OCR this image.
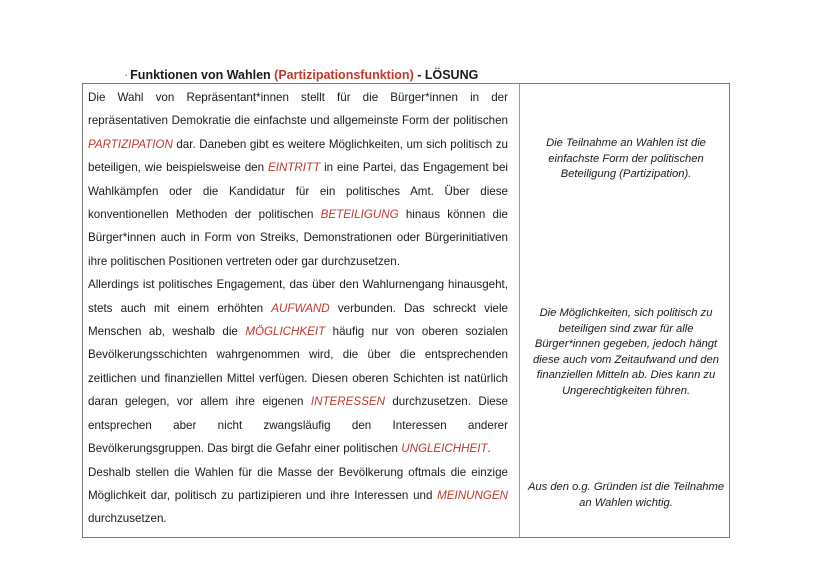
· Funktionen von Wahlen (Partizipationsfunktion) - LÖSUNG

Die Wahl von Repräsentant*innen stellt für die Bürger*innen in der repräsentativen Demokratie die einfachste und allgemeinste Form der politischen PARTIZIPATION dar. Daneben gibt es weitere Möglichkeiten, um sich politisch zu beteiligen, wie beispielsweise den EINTRITT in eine Partei, das Engagement bei Wahlkämpfen oder die Kandidatur für ein politisches Amt. Über diese konventionellen Methoden der politischen BETEILIGUNG hinaus können die Bürger*innen auch in Form von Streiks, Demonstrationen oder Bürgerinitiativen ihre politischen Positionen vertreten oder gar durchzusetzen.

Allerdings ist politisches Engagement, das über den Wahlurnengang hinausgeht, stets auch mit einem erhöhten AUFWAND verbunden. Das schreckt viele Menschen ab, weshalb die MÖGLICHKEIT häufig nur von oberen sozialen Bevölkerungsschichten wahrgenommen wird, die über die entsprechenden zeitlichen und finanziellen Mittel verfügen. Diesen oberen Schichten ist natürlich daran gelegen, vor allem ihre eigenen INTERESSEN durchzusetzen. Diese entsprechen aber nicht zwangsläufig den Interessen anderer Bevölkerungsgruppen. Das birgt die Gefahr einer politischen UNGLEICHHEIT.

Deshalb stellen die Wahlen für die Masse der Bevölkerung oftmals die einzige Möglichkeit dar, politisch zu partizipieren und ihre Interessen und MEINUNGEN durchzusetzen.

Die Teilnahme an Wahlen ist die einfachste Form der politischen Beteiligung (Partizipation).

Die Möglichkeiten, sich politisch zu beteiligen sind zwar für alle Bürger*innen gegeben, jedoch hängt diese auch vom Zeitaufwand und den finanziellen Mitteln ab. Dies kann zu Ungerechtigkeiten führen.

Aus den o.g. Gründen ist die Teilnahme an Wahlen wichtig.
